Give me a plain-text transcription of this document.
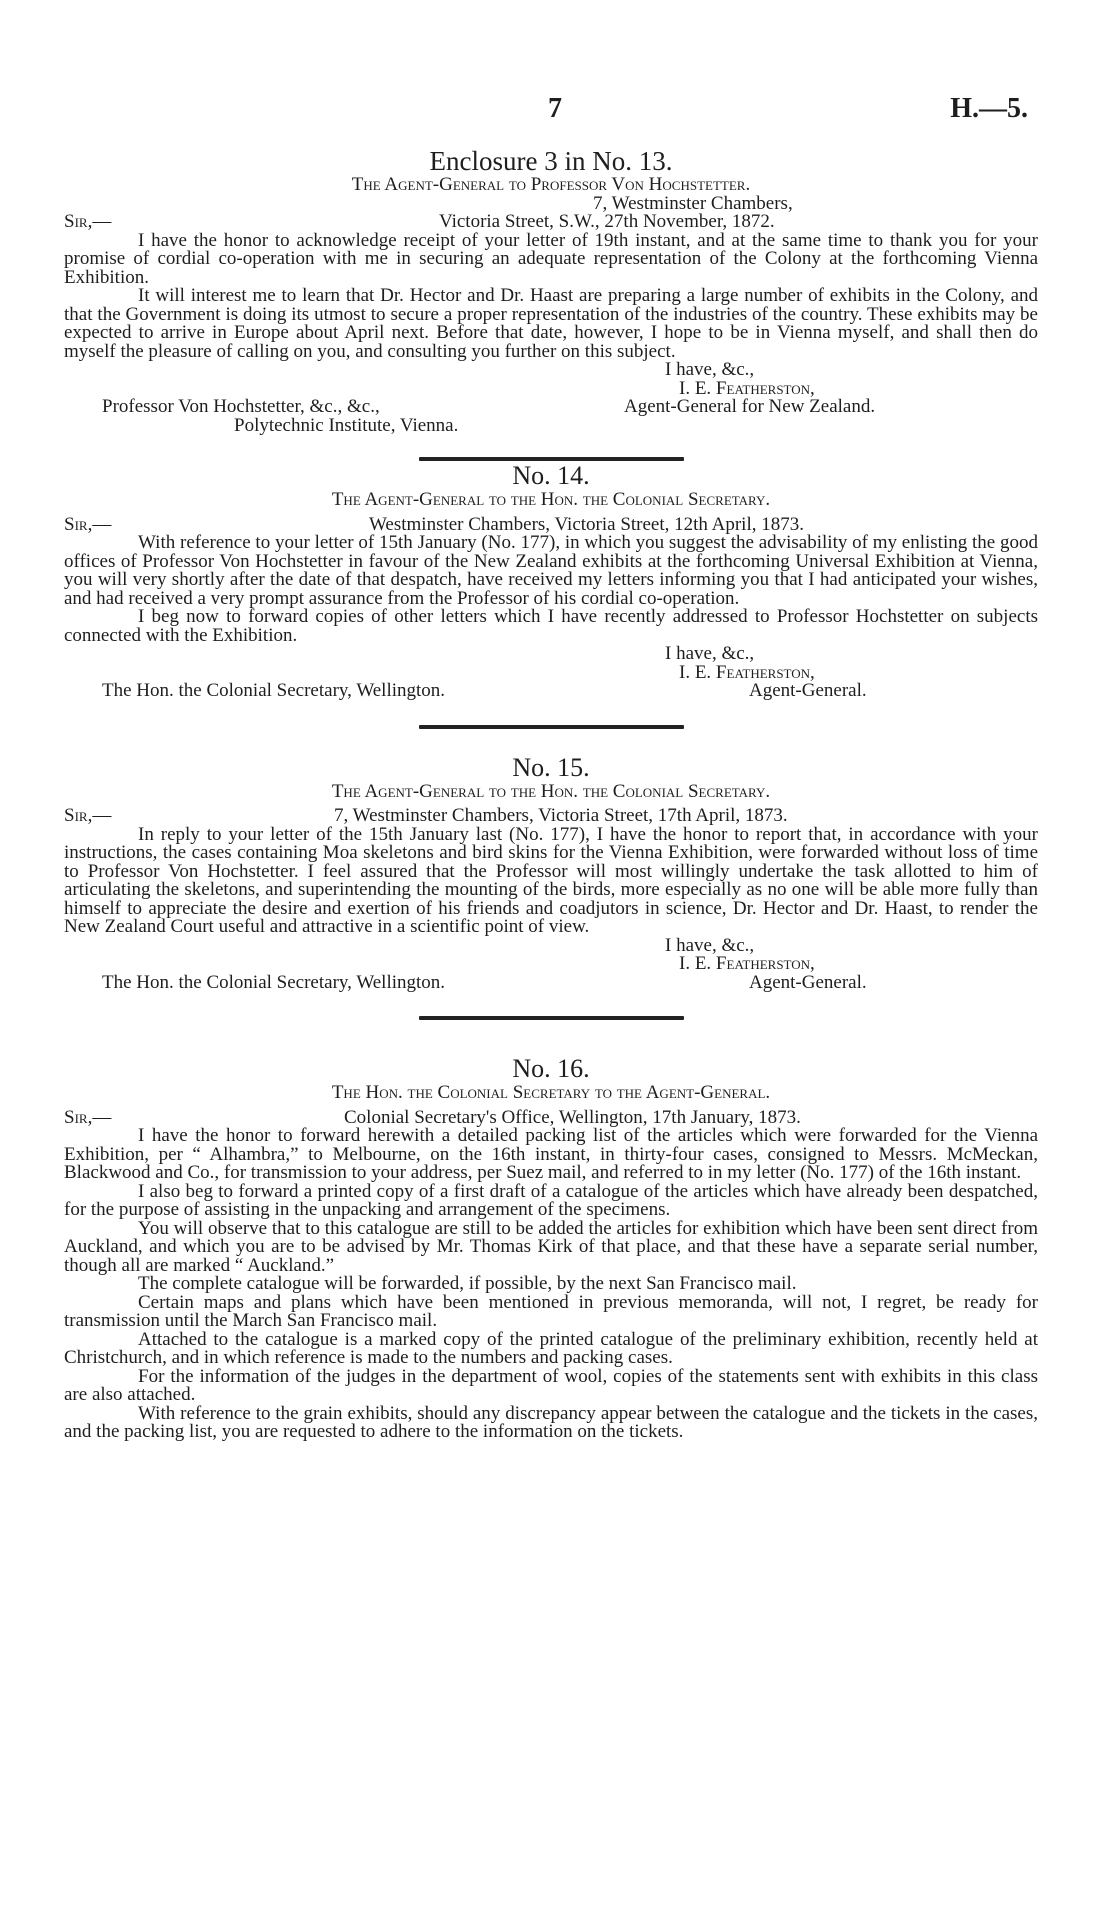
7	H.—5.

Enclosure 3 in No. 13.

The Agent-General to Professor Von Hochstetter.

7, Westminster Chambers,

Sir,—	Victoria Street, S.W., 27th November, 1872.

I have the honor to acknowledge receipt of your letter of 19th instant, and at the same time to thank you for your promise of cordial co-operation with me in securing an adequate representation of the Colony at the forthcoming Vienna Exhibition.

It will interest me to learn that Dr. Hector and Dr. Haast are preparing a large number of exhibits in the Colony, and that the Government is doing its utmost to secure a proper representation of the industries of the country. These exhibits may be expected to arrive in Europe about April next. Before that date, however, I hope to be in Vienna myself, and shall then do myself the pleasure of calling on you, and consulting you further on this subject.

I have, &c.,
I. E. Featherston,
Professor Von Hochstetter, &c., &c.,	Agent-General for New Zealand.
Polytechnic Institute, Vienna.

No. 14.

The Agent-General to the Hon. the Colonial Secretary.

Sir,—	Westminster Chambers, Victoria Street, 12th April, 1873.

With reference to your letter of 15th January (No. 177), in which you suggest the advisability of my enlisting the good offices of Professor Von Hochstetter in favour of the New Zealand exhibits at the forthcoming Universal Exhibition at Vienna, you will very shortly after the date of that despatch, have received my letters informing you that I had anticipated your wishes, and had received a very prompt assurance from the Professor of his cordial co-operation.

I beg now to forward copies of other letters which I have recently addressed to Professor Hochstetter on subjects connected with the Exhibition.

I have, &c.,
I. E. Featherston,
The Hon. the Colonial Secretary, Wellington.	Agent-General.

No. 15.

The Agent-General to the Hon. the Colonial Secretary.

Sir,—	7, Westminster Chambers, Victoria Street, 17th April, 1873.

In reply to your letter of the 15th January last (No. 177), I have the honor to report that, in accordance with your instructions, the cases containing Moa skeletons and bird skins for the Vienna Exhibition, were forwarded without loss of time to Professor Von Hochstetter. I feel assured that the Professor will most willingly undertake the task allotted to him of articulating the skeletons, and superintending the mounting of the birds, more especially as no one will be able more fully than himself to appreciate the desire and exertion of his friends and coadjutors in science, Dr. Hector and Dr. Haast, to render the New Zealand Court useful and attractive in a scientific point of view.

I have, &c.,
I. E. Featherston,
The Hon. the Colonial Secretary, Wellington.	Agent-General.

No. 16.

The Hon. the Colonial Secretary to the Agent-General.

Sir,—	Colonial Secretary's Office, Wellington, 17th January, 1873.

I have the honor to forward herewith a detailed packing list of the articles which were forwarded for the Vienna Exhibition, per “ Alhambra,” to Melbourne, on the 16th instant, in thirty-four cases, consigned to Messrs. McMeckan, Blackwood and Co., for transmission to your address, per Suez mail, and referred to in my letter (No. 177) of the 16th instant.

I also beg to forward a printed copy of a first draft of a catalogue of the articles which have already been despatched, for the purpose of assisting in the unpacking and arrangement of the specimens.

You will observe that to this catalogue are still to be added the articles for exhibition which have been sent direct from Auckland, and which you are to be advised by Mr. Thomas Kirk of that place, and that these have a separate serial number, though all are marked “ Auckland.”

The complete catalogue will be forwarded, if possible, by the next San Francisco mail.

Certain maps and plans which have been mentioned in previous memoranda, will not, I regret, be ready for transmission until the March San Francisco mail.

Attached to the catalogue is a marked copy of the printed catalogue of the preliminary exhibition, recently held at Christchurch, and in which reference is made to the numbers and packing cases.

For the information of the judges in the department of wool, copies of the statements sent with exhibits in this class are also attached.

With reference to the grain exhibits, should any discrepancy appear between the catalogue and the tickets in the cases, and the packing list, you are requested to adhere to the information on the tickets.
